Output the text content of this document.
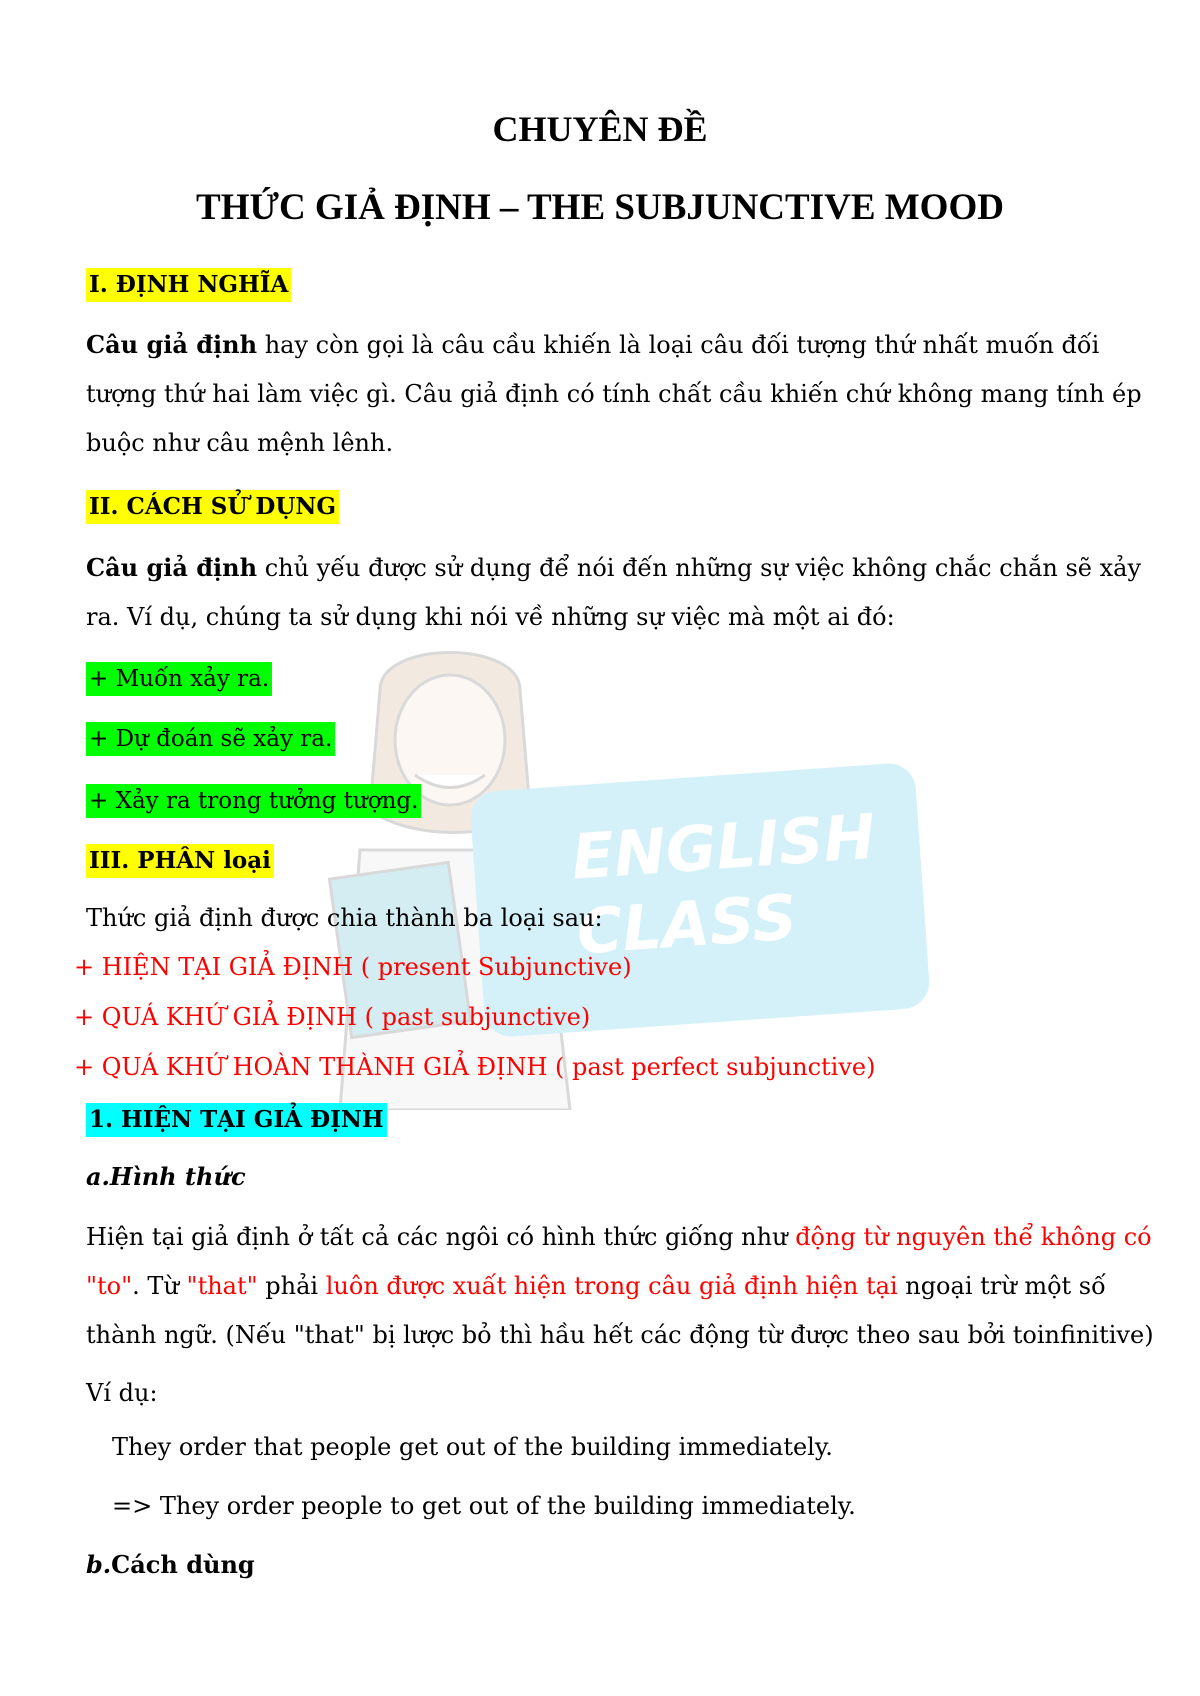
ENGLISH
CLASS
CHUYÊN ĐỀ
THỨC GIẢ ĐỊNH – THE SUBJUNCTIVE MOOD
I. ĐỊNH NGHĨA
Câu giả định hay còn gọi là câu cầu khiến là loại câu đối tượng thứ nhất muốn đối tượng thứ hai làm việc gì. Câu giả định có tính chất cầu khiến chứ không mang tính ép buộc như câu mệnh lênh.
II. CÁCH SỬ DỤNG
Câu giả định chủ yếu được sử dụng để nói đến những sự việc không chắc chắn sẽ xảy ra. Ví dụ, chúng ta sử dụng khi nói về những sự việc mà một ai đó:
+ Muốn xảy ra.
+ Dự đoán sẽ xảy ra.
+ Xảy ra trong tưởng tượng.
III. PHÂN loại
Thức giả định được chia thành ba loại sau:
+ HIỆN TẠI GIẢ ĐỊNH ( present Subjunctive)
+ QUÁ KHỨ GIẢ ĐỊNH ( past subjunctive)
+ QUÁ KHỨ HOÀN THÀNH GIẢ ĐỊNH ( past perfect subjunctive)
1. HIỆN TẠI GIẢ ĐỊNH
a.Hình thức
Hiện tại giả định ở tất cả các ngôi có hình thức giống như động từ nguyên thể không có "to". Từ "that" phải luôn được xuất hiện trong câu giả định hiện tại ngoại trừ một số thành ngữ. (Nếu "that" bị lược bỏ thì hầu hết các động từ được theo sau bởi toinfinitive)
Ví dụ:
They order that people get out of the building immediately.
=> They order people to get out of the building immediately.
b.Cách dùng
